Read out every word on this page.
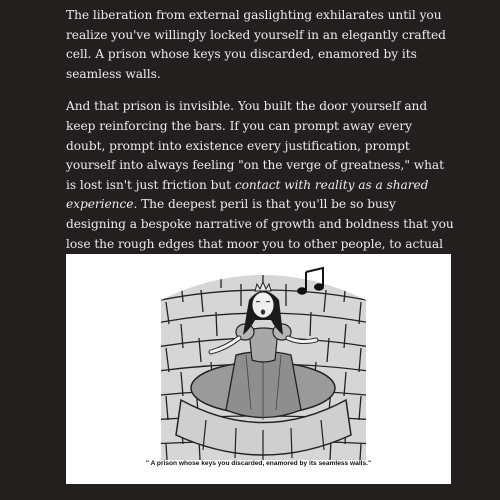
The liberation from external gaslighting exhilarates until you realize you've willingly locked yourself in an elegantly crafted cell. A prison whose keys you discarded, enamored by its seamless walls.

And that prison is invisible. You built the door yourself and keep reinforcing the bars. If you can prompt away every doubt, prompt into existence every justification, prompt yourself into always feeling "on the verge of greatness," what is lost isn't just friction but contact with reality as a shared experience. The deepest peril is that you'll be so busy designing a bespoke narrative of growth and boldness that you lose the rough edges that moor you to other people, to actual

" A prison whose keys you discarded, enamored by its seamless walls."
